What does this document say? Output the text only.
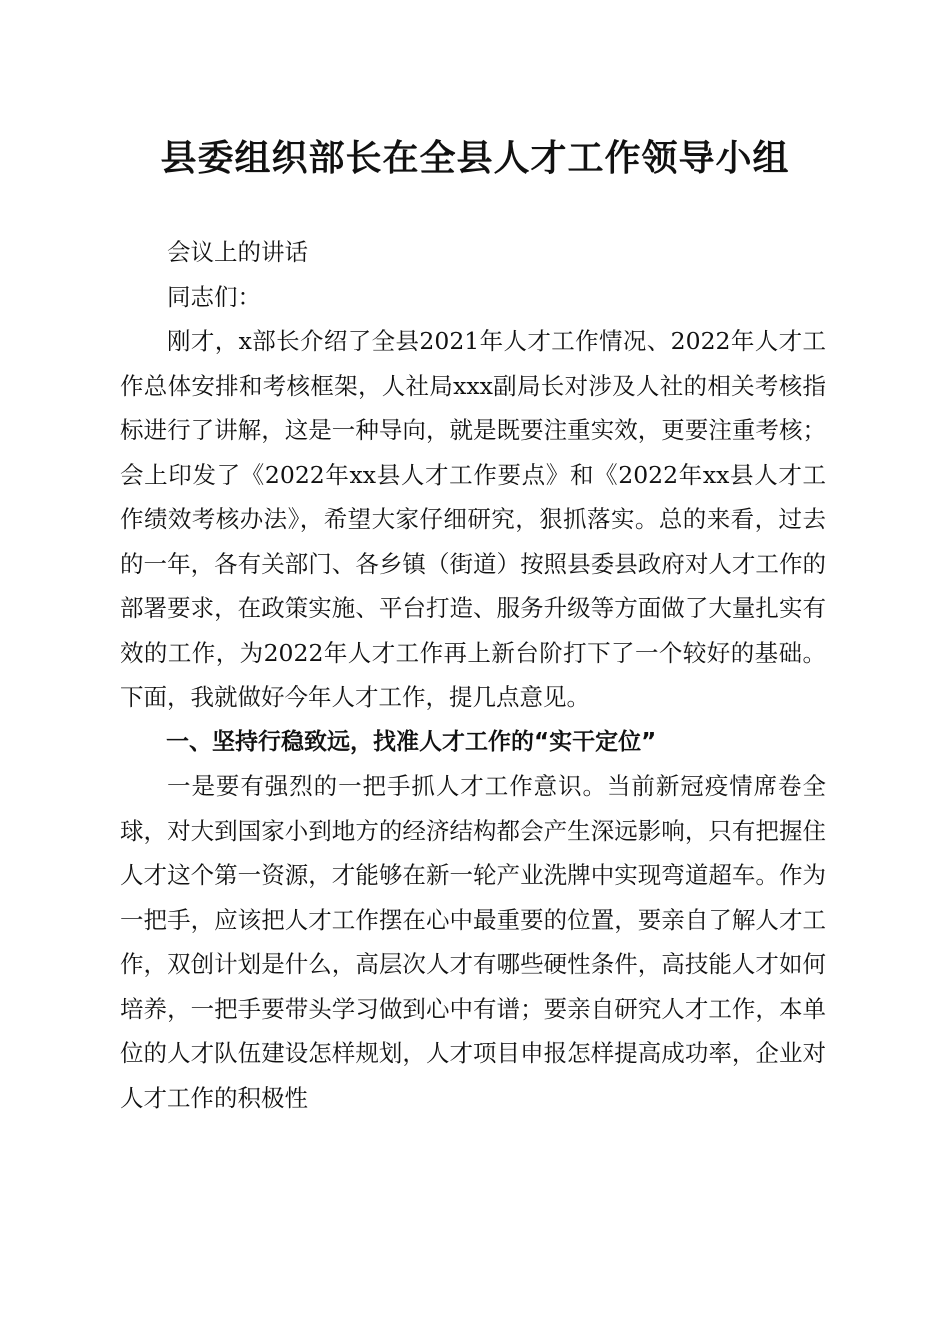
县委组织部长在全县人才工作领导小组

会议上的讲话

同志们：

刚才，x部长介绍了全县2021年人才工作情况、2022年人才工作总体安排和考核框架，人社局xxx副局长对涉及人社的相关考核指标进行了讲解，这是一种导向，就是既要注重实效，更要注重考核；会上印发了《2022年xx县人才工作要点》和《2022年xx县人才工作绩效考核办法》，希望大家仔细研究，狠抓落实。总的来看，过去的一年，各有关部门、各乡镇（街道）按照县委县政府对人才工作的部署要求，在政策实施、平台打造、服务升级等方面做了大量扎实有效的工作，为2022年人才工作再上新台阶打下了一个较好的基础。下面，我就做好今年人才工作，提几点意见。

一、坚持行稳致远，找准人才工作的“实干定位”

一是要有强烈的一把手抓人才工作意识。当前新冠疫情席卷全球，对大到国家小到地方的经济结构都会产生深远影响，只有把握住人才这个第一资源，才能够在新一轮产业洗牌中实现弯道超车。作为一把手，应该把人才工作摆在心中最重要的位置，要亲自了解人才工作，双创计划是什么，高层次人才有哪些硬性条件，高技能人才如何培养，一把手要带头学习做到心中有谱；要亲自研究人才工作，本单位的人才队伍建设怎样规划，人才项目申报怎样提高成功率，企业对人才工作的积极性
